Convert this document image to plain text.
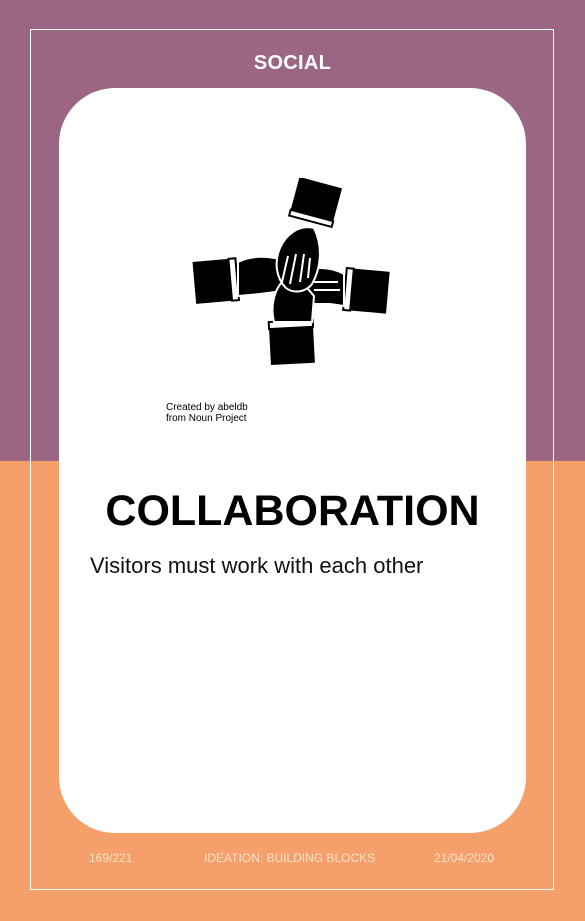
SOCIAL
Created by abeldb
from Noun Project
COLLABORATION
Visitors must work with each other
169/221	IDEATION: BUILDING BLOCKS	21/04/2020
